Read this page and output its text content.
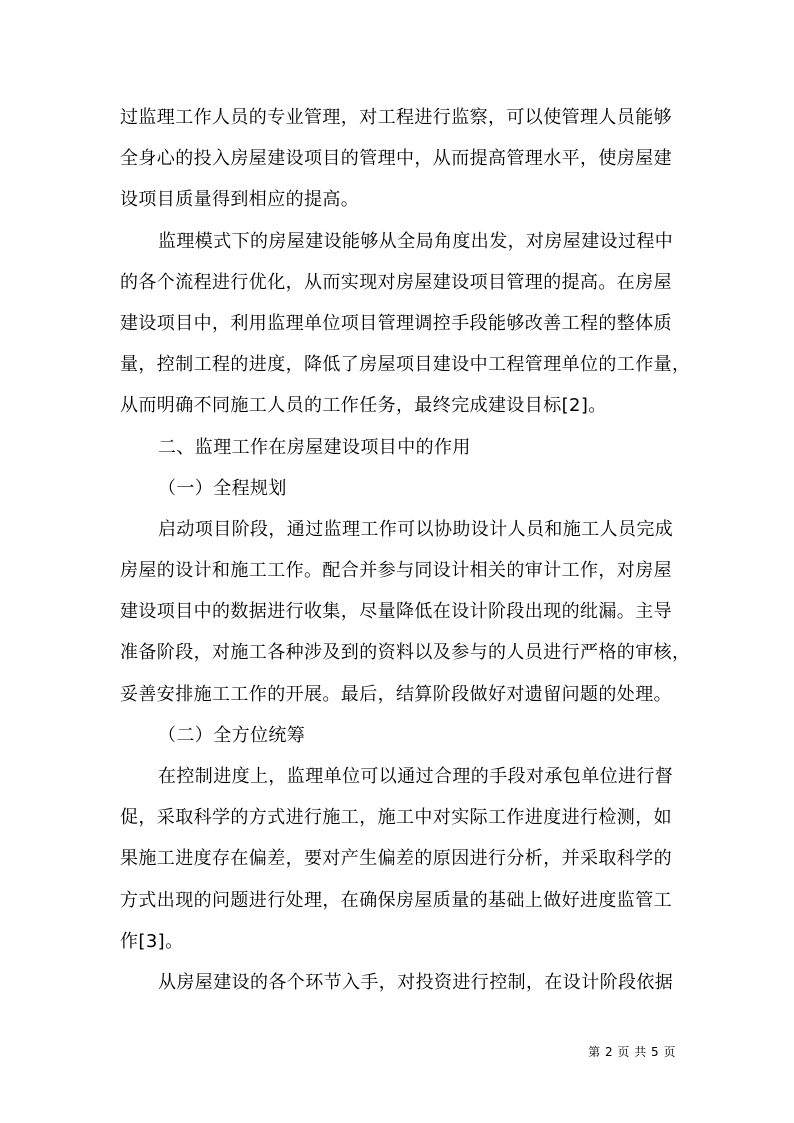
过监理工作人员的专业管理，对工程进行监察，可以使管理人员能够
全身心的投入房屋建设项目的管理中，从而提高管理水平，使房屋建
设项目质量得到相应的提高。
监理模式下的房屋建设能够从全局角度出发，对房屋建设过程中
的各个流程进行优化，从而实现对房屋建设项目管理的提高。在房屋
建设项目中，利用监理单位项目管理调控手段能够改善工程的整体质
量，控制工程的进度，降低了房屋项目建设中工程管理单位的工作量，
从而明确不同施工人员的工作任务，最终完成建设目标[2]。
二、监理工作在房屋建设项目中的作用
（一）全程规划
启动项目阶段，通过监理工作可以协助设计人员和施工人员完成
房屋的设计和施工工作。配合并参与同设计相关的审计工作，对房屋
建设项目中的数据进行收集，尽量降低在设计阶段出现的纰漏。主导
准备阶段，对施工各种涉及到的资料以及参与的人员进行严格的审核，
妥善安排施工工作的开展。最后，结算阶段做好对遗留问题的处理。
（二）全方位统筹
在控制进度上，监理单位可以通过合理的手段对承包单位进行督
促，采取科学的方式进行施工，施工中对实际工作进度进行检测，如
果施工进度存在偏差，要对产生偏差的原因进行分析，并采取科学的
方式出现的问题进行处理，在确保房屋质量的基础上做好进度监管工
作[3]。
从房屋建设的各个环节入手，对投资进行控制，在设计阶段依据
第 2 页 共 5 页
